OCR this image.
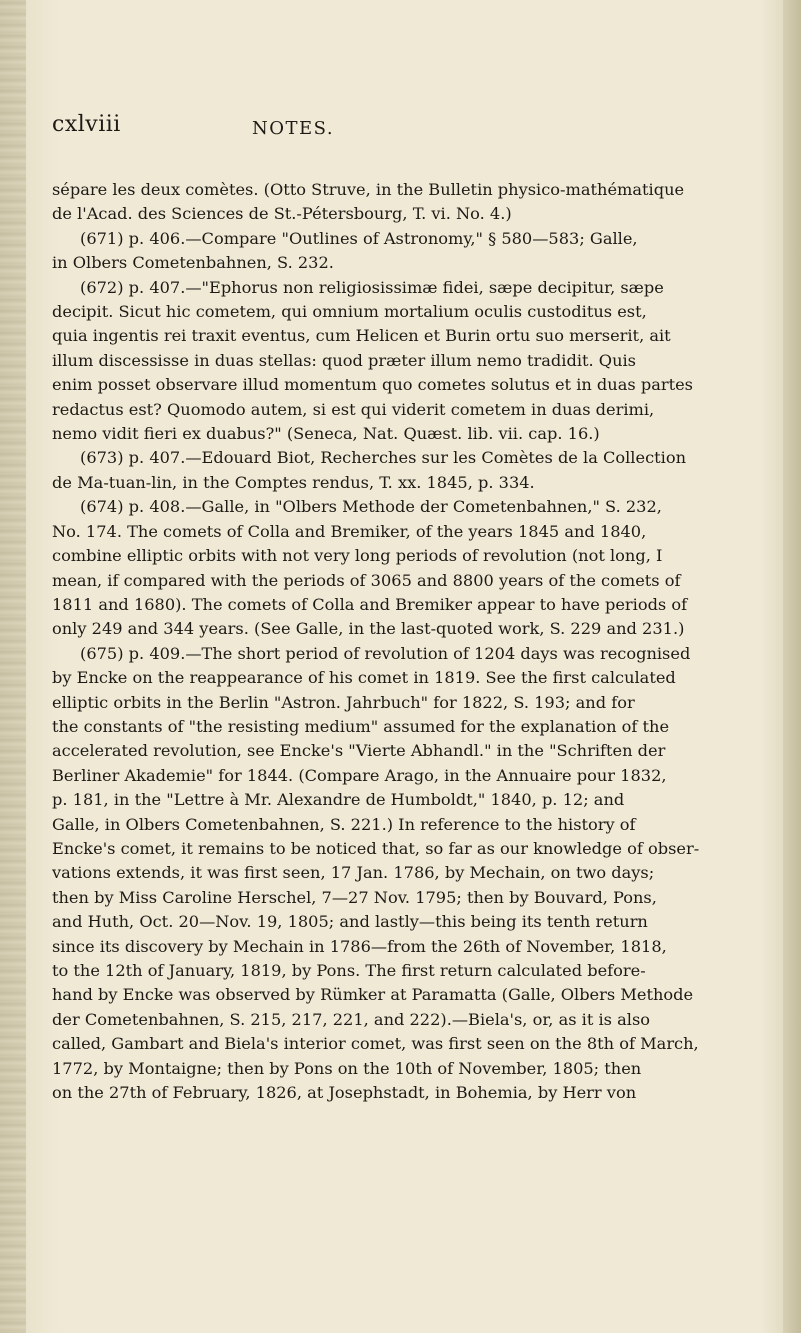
cxlviii	NOTES.
sépare les deux comètes. (Otto Struve, in the Bulletin physico-mathématique
de l'Acad. des Sciences de St.-Pétersbourg, T. vi. No. 4.)
(671) p. 406.—Compare "Outlines of Astronomy," § 580—583; Galle,
in Olbers Cometenbahnen, S. 232.
(672) p. 407.—"Ephorus non religiosissimæ fidei, sæpe decipitur, sæpe
decipit. Sicut hic cometem, qui omnium mortalium oculis custoditus est,
quia ingentis rei traxit eventus, cum Helicen et Burin ortu suo merserit, ait
illum discessisse in duas stellas: quod præter illum nemo tradidit. Quis
enim posset observare illud momentum quo cometes solutus et in duas partes
redactus est? Quomodo autem, si est qui viderit cometem in duas derimi,
nemo vidit fieri ex duabus?" (Seneca, Nat. Quæst. lib. vii. cap. 16.)
(673) p. 407.—Edouard Biot, Recherches sur les Comètes de la Collection
de Ma-tuan-lin, in the Comptes rendus, T. xx. 1845, p. 334.
(674) p. 408.—Galle, in "Olbers Methode der Cometenbahnen," S. 232,
No. 174. The comets of Colla and Bremiker, of the years 1845 and 1840,
combine elliptic orbits with not very long periods of revolution (not long, I
mean, if compared with the periods of 3065 and 8800 years of the comets of
1811 and 1680). The comets of Colla and Bremiker appear to have periods of
only 249 and 344 years. (See Galle, in the last-quoted work, S. 229 and 231.)
(675) p. 409.—The short period of revolution of 1204 days was recognised
by Encke on the reappearance of his comet in 1819. See the first calculated
elliptic orbits in the Berlin "Astron. Jahrbuch" for 1822, S. 193; and for
the constants of "the resisting medium" assumed for the explanation of the
accelerated revolution, see Encke's "Vierte Abhandl." in the "Schriften der
Berliner Akademie" for 1844. (Compare Arago, in the Annuaire pour 1832,
p. 181, in the "Lettre à Mr. Alexandre de Humboldt," 1840, p. 12; and
Galle, in Olbers Cometenbahnen, S. 221.) In reference to the history of
Encke's comet, it remains to be noticed that, so far as our knowledge of obser-
vations extends, it was first seen, 17 Jan. 1786, by Mechain, on two days;
then by Miss Caroline Herschel, 7—27 Nov. 1795; then by Bouvard, Pons,
and Huth, Oct. 20—Nov. 19, 1805; and lastly—this being its tenth return
since its discovery by Mechain in 1786—from the 26th of November, 1818,
to the 12th of January, 1819, by Pons. The first return calculated before-
hand by Encke was observed by Rümker at Paramatta (Galle, Olbers Methode
der Cometenbahnen, S. 215, 217, 221, and 222).—Biela's, or, as it is also
called, Gambart and Biela's interior comet, was first seen on the 8th of March,
1772, by Montaigne; then by Pons on the 10th of November, 1805; then
on the 27th of February, 1826, at Josephstadt, in Bohemia, by Herr von
